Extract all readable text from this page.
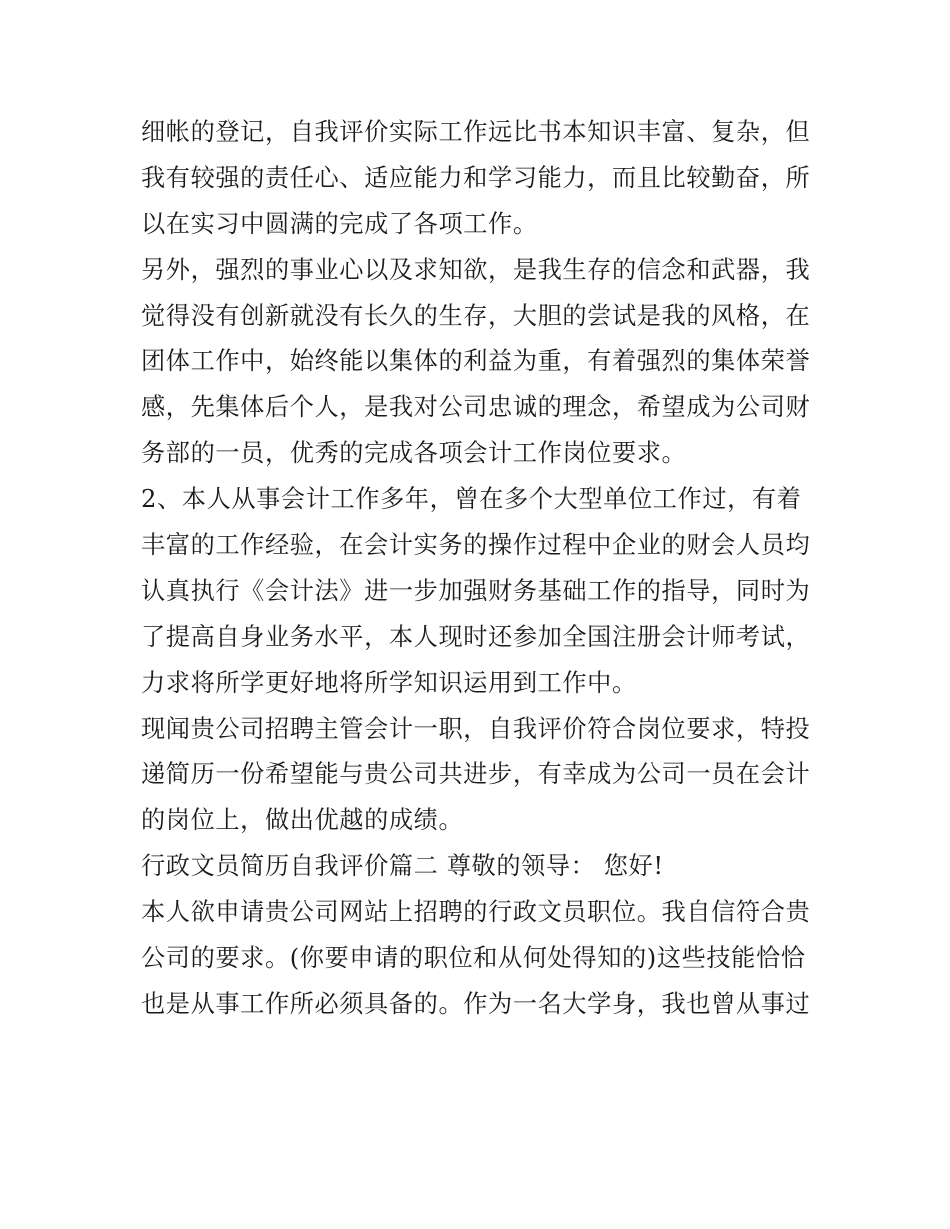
细帐的登记，自我评价实际工作远比书本知识丰富、复杂，但
我有较强的责任心、适应能力和学习能力，而且比较勤奋，所
以在实习中圆满的完成了各项工作。
另外，强烈的事业心以及求知欲，是我生存的信念和武器，我
觉得没有创新就没有长久的生存，大胆的尝试是我的风格，在
团体工作中，始终能以集体的利益为重，有着强烈的集体荣誉
感，先集体后个人，是我对公司忠诚的理念，希望成为公司财
务部的一员，优秀的完成各项会计工作岗位要求。
2、本人从事会计工作多年，曾在多个大型单位工作过，有着
丰富的工作经验，在会计实务的操作过程中企业的财会人员均
认真执行《会计法》进一步加强财务基础工作的指导，同时为
了提高自身业务水平，本人现时还参加全国注册会计师考试，
力求将所学更好地将所学知识运用到工作中。
现闻贵公司招聘主管会计一职，自我评价符合岗位要求，特投
递简历一份希望能与贵公司共进步，有幸成为公司一员在会计
的岗位上，做出优越的成绩。
行政文员简历自我评价篇二 尊敬的领导： 您好!
本人欲申请贵公司网站上招聘的行政文员职位。我自信符合贵
公司的要求。(你要申请的职位和从何处得知的)这些技能恰恰
也是从事工作所必须具备的。作为一名大学身，我也曾从事过
